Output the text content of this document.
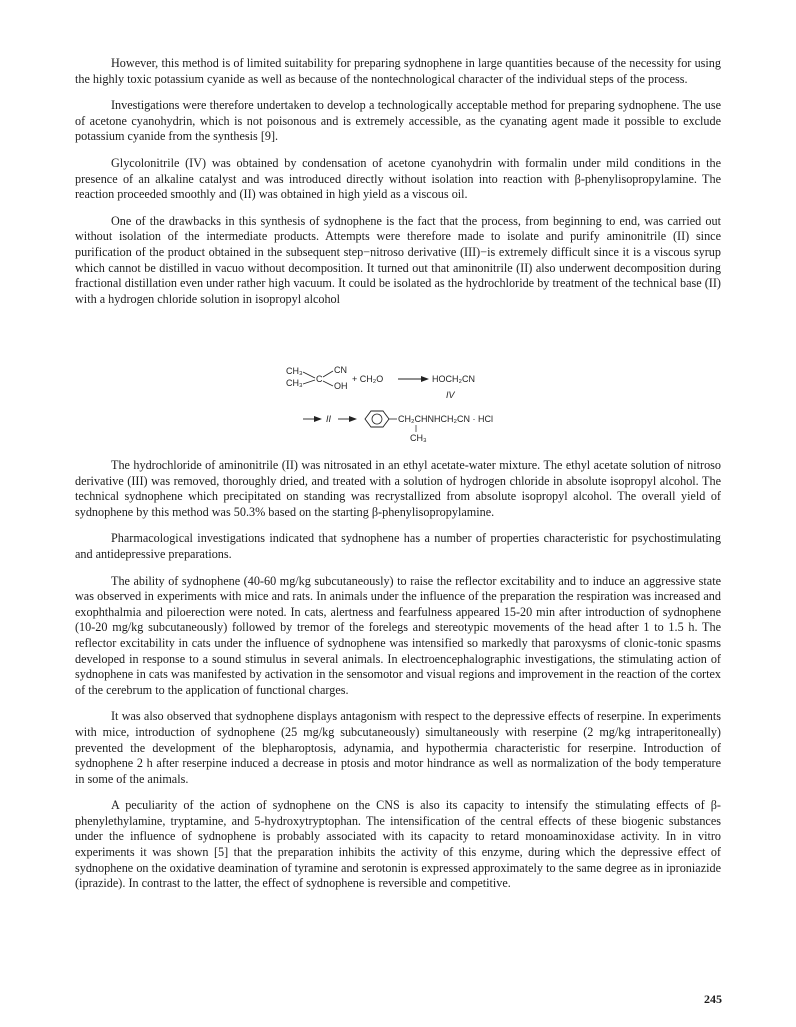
However, this method is of limited suitability for preparing sydnophene in large quantities because of the necessity for using the highly toxic potassium cyanide as well as because of the nontechnological character of the individual steps of the process.

Investigations were therefore undertaken to develop a technologically acceptable method for preparing sydnophene. The use of acetone cyanohydrin, which is not poisonous and is extremely accessible, as the cyanating agent made it possible to exclude potassium cyanide from the synthesis [9].

Glycolonitrile (IV) was obtained by condensation of acetone cyanohydrin with formalin under mild conditions in the presence of an alkaline catalyst and was introduced directly without isolation into reaction with β-phenylisopropylamine. The reaction proceeded smoothly and (II) was obtained in high yield as a viscous oil.

One of the drawbacks in this synthesis of sydnophene is the fact that the process, from beginning to end, was carried out without isolation of the intermediate products. Attempts were therefore made to isolate and purify aminonitrile (II) since purification of the product obtained in the subsequent step−nitroso derivative (III)−is extremely difficult since it is a viscous syrup which cannot be distilled in vacuo without decomposition. It turned out that aminonitrile (II) also underwent decomposition during fractional distillation even under rather high vacuum. It could be isolated as the hydrochloride by treatment of the technical base (II) with a hydrogen chloride solution in isopropyl alcohol

CH₃
CH₃ C
CN
OH
+ CH₂O	HOCH₂CN
IV
II	CH₂CHNHCH₂CN · HCl
CH₃

The hydrochloride of aminonitrile (II) was nitrosated in an ethyl acetate-water mixture. The ethyl acetate solution of nitroso derivative (III) was removed, thoroughly dried, and treated with a solution of hydrogen chloride in absolute isopropyl alcohol. The technical sydnophene which precipitated on standing was recrystallized from absolute isopropyl alcohol. The overall yield of sydnophene by this method was 50.3% based on the starting β-phenylisopropylamine.

Pharmacological investigations indicated that sydnophene has a number of properties characteristic for psychostimulating and antidepressive preparations.

The ability of sydnophene (40-60 mg/kg subcutaneously) to raise the reflector excitability and to induce an aggressive state was observed in experiments with mice and rats. In animals under the influence of the preparation the respiration was increased and exophthalmia and piloerection were noted. In cats, alertness and fearfulness appeared 15-20 min after introduction of sydnophene (10-20 mg/kg subcutaneously) followed by tremor of the forelegs and stereotypic movements of the head after 1 to 1.5 h. The reflector excitability in cats under the influence of sydnophene was intensified so markedly that paroxysms of clonic-tonic spasms developed in response to a sound stimulus in several animals. In electroencephalographic investigations, the stimulating action of sydnophene in cats was manifested by activation in the sensomotor and visual regions and improvement in the reaction of the cortex of the cerebrum to the application of functional charges.

It was also observed that sydnophene displays antagonism with respect to the depressive effects of reserpine. In experiments with mice, introduction of sydnophene (25 mg/kg subcutaneously) simultaneously with reserpine (2 mg/kg intraperitoneally) prevented the development of the blepharoptosis, adynamia, and hypothermia characteristic for reserpine. Introduction of sydnophene 2 h after reserpine induced a decrease in ptosis and motor hindrance as well as normalization of the body temperature in some of the animals.

A peculiarity of the action of sydnophene on the CNS is also its capacity to intensify the stimulating effects of β-phenylethylamine, tryptamine, and 5-hydroxytryptophan. The intensification of the central effects of these biogenic substances under the influence of sydnophene is probably associated with its capacity to retard monoaminoxidase activity. In in vitro experiments it was shown [5] that the preparation inhibits the activity of this enzyme, during which the depressive effect of sydnophene on the oxidative deamination of tyramine and serotonin is expressed approximately to the same degree as in iproniazide (iprazide). In contrast to the latter, the effect of sydnophene is reversible and competitive.

245
